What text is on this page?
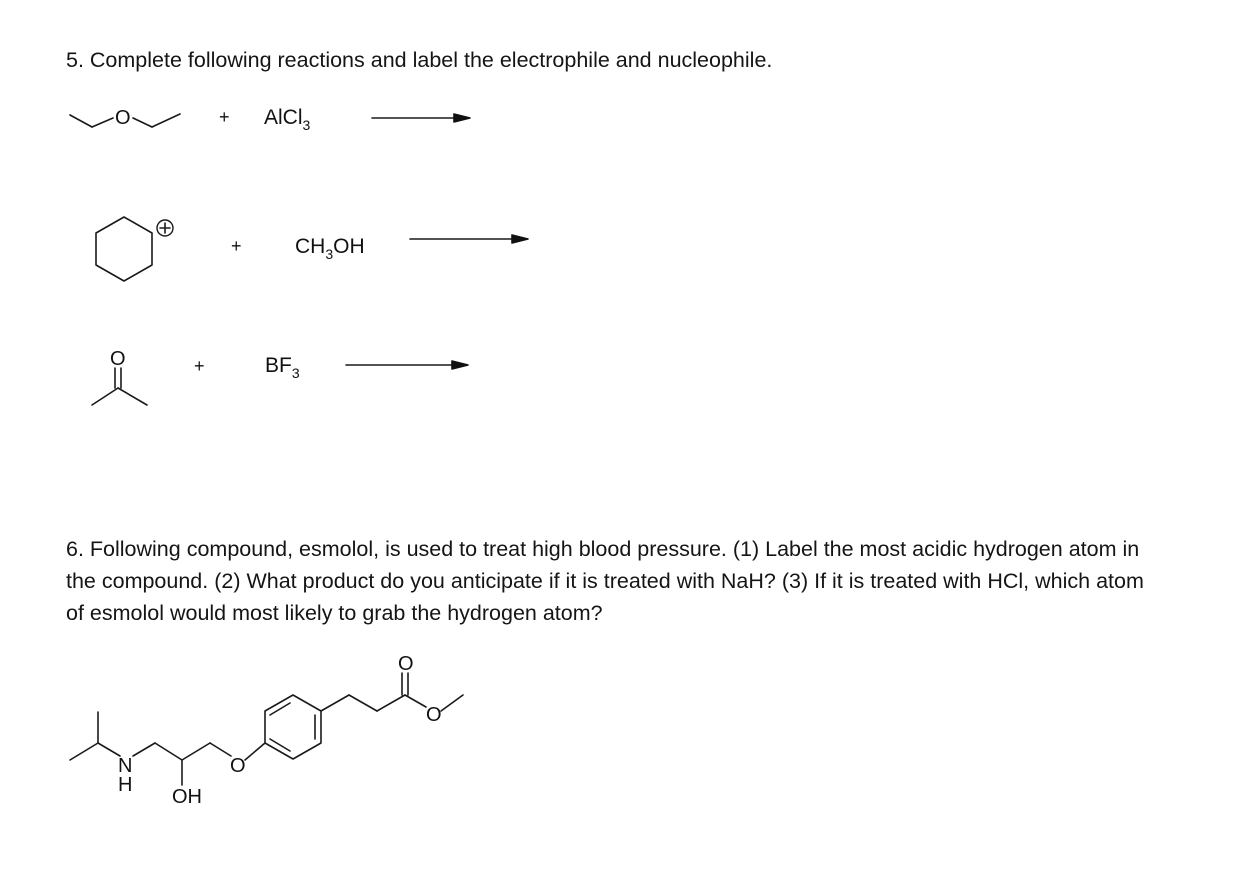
5. Complete following reactions and label the electrophile and nucleophile.

O	+ AlCl$_3$
+	$CH_3OH$
O	+	$BF_3$
N
H
OH
O
O
O

6. Following compound, esmolol, is used to treat high blood pressure. (1) Label the most acidic hydrogen atom in the compound. (2) What product do you anticipate if it is treated with NaH? (3) If it is treated with HCl, which atom of esmolol would most likely to grab the hydrogen atom?
